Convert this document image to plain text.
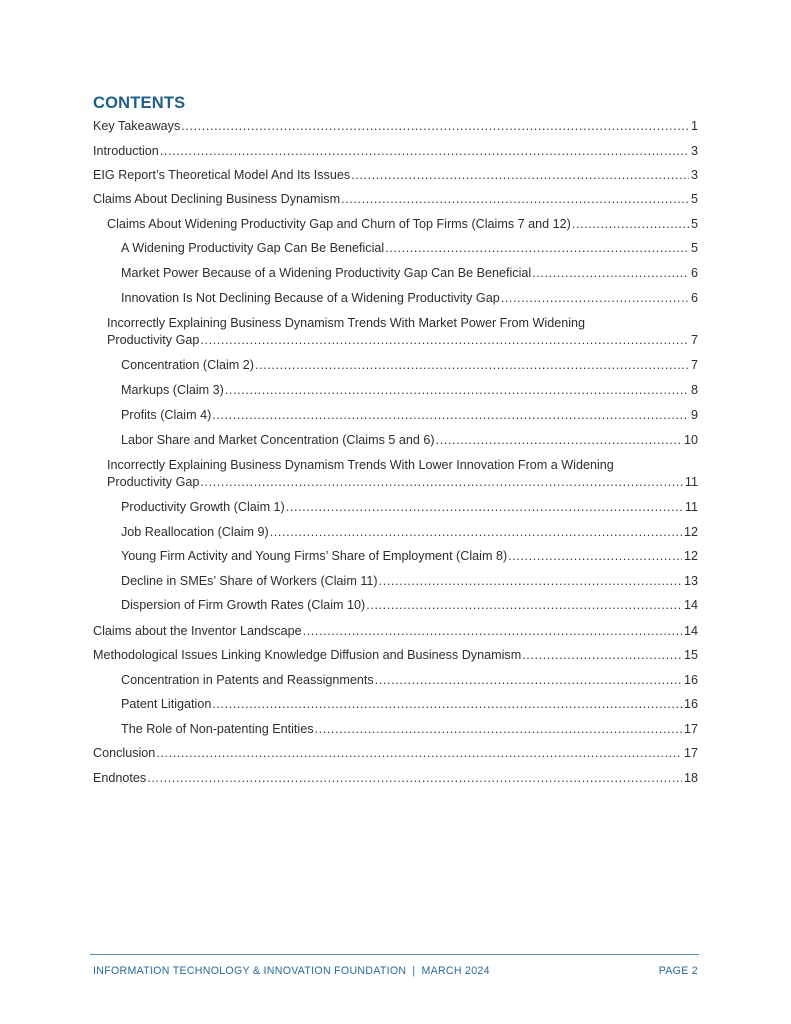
CONTENTS
Key Takeaways .....	1
Introduction .....	3
EIG Report’s Theoretical Model And Its Issues .....	3
Claims About Declining Business Dynamism .....	5
Claims About Widening Productivity Gap and Churn of Top Firms (Claims 7 and 12) .....	5
A Widening Productivity Gap Can Be Beneficial .....	5
Market Power Because of a Widening Productivity Gap Can Be Beneficial .....	6
Innovation Is Not Declining Because of a Widening Productivity Gap .....	6
Incorrectly Explaining Business Dynamism Trends With Market Power From Widening
Productivity Gap .....	7
Concentration (Claim 2) .....	7
Markups (Claim 3) .....	8
Profits (Claim 4) .....	9
Labor Share and Market Concentration (Claims 5 and 6) .....	10
Incorrectly Explaining Business Dynamism Trends With Lower Innovation From a Widening
Productivity Gap .....	11
Productivity Growth (Claim 1) .....	11
Job Reallocation (Claim 9) .....	12
Young Firm Activity and Young Firms’ Share of Employment (Claim 8) .....	12
Decline in SMEs’ Share of Workers (Claim 11) .....	13
Dispersion of Firm Growth Rates (Claim 10) .....	14
Claims about the Inventor Landscape .....	14
Methodological Issues Linking Knowledge Diffusion and Business Dynamism .....	15
Concentration in Patents and Reassignments .....	16
Patent Litigation .....	16
The Role of Non-patenting Entities .....	17
Conclusion .....	17
Endnotes .....	18
INFORMATION TECHNOLOGY & INNOVATION FOUNDATION | MARCH 2024	PAGE 2
